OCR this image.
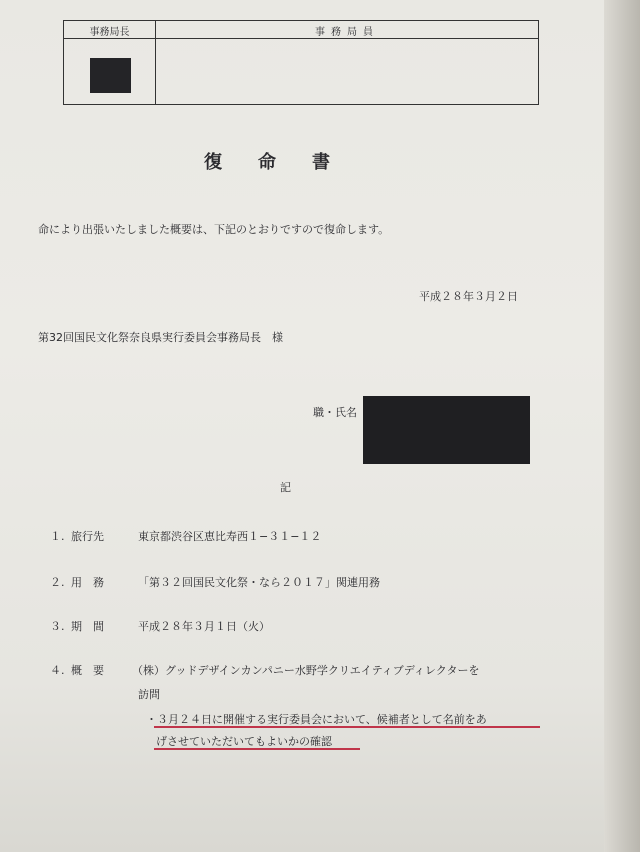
事務局長	事務局員
復命書
命により出張いたしました概要は、下記のとおりですので復命します。
平成２８年３月２日
第32回国民文化祭奈良県実行委員会事務局長　様
職・氏名
記
１. 旅行先	東京都渋谷区恵比寿西１−３１−１２
２. 用　務	「第３２回国民文化祭・なら２０１７」関連用務
３. 期　間	平成２８年３月１日（火）
４. 概　要	（株）グッドデザインカンパニー水野学クリエイティブディレクターを
訪問
・３月２４日に開催する実行委員会において、候補者として名前をあ
げさせていただいてもよいかの確認
